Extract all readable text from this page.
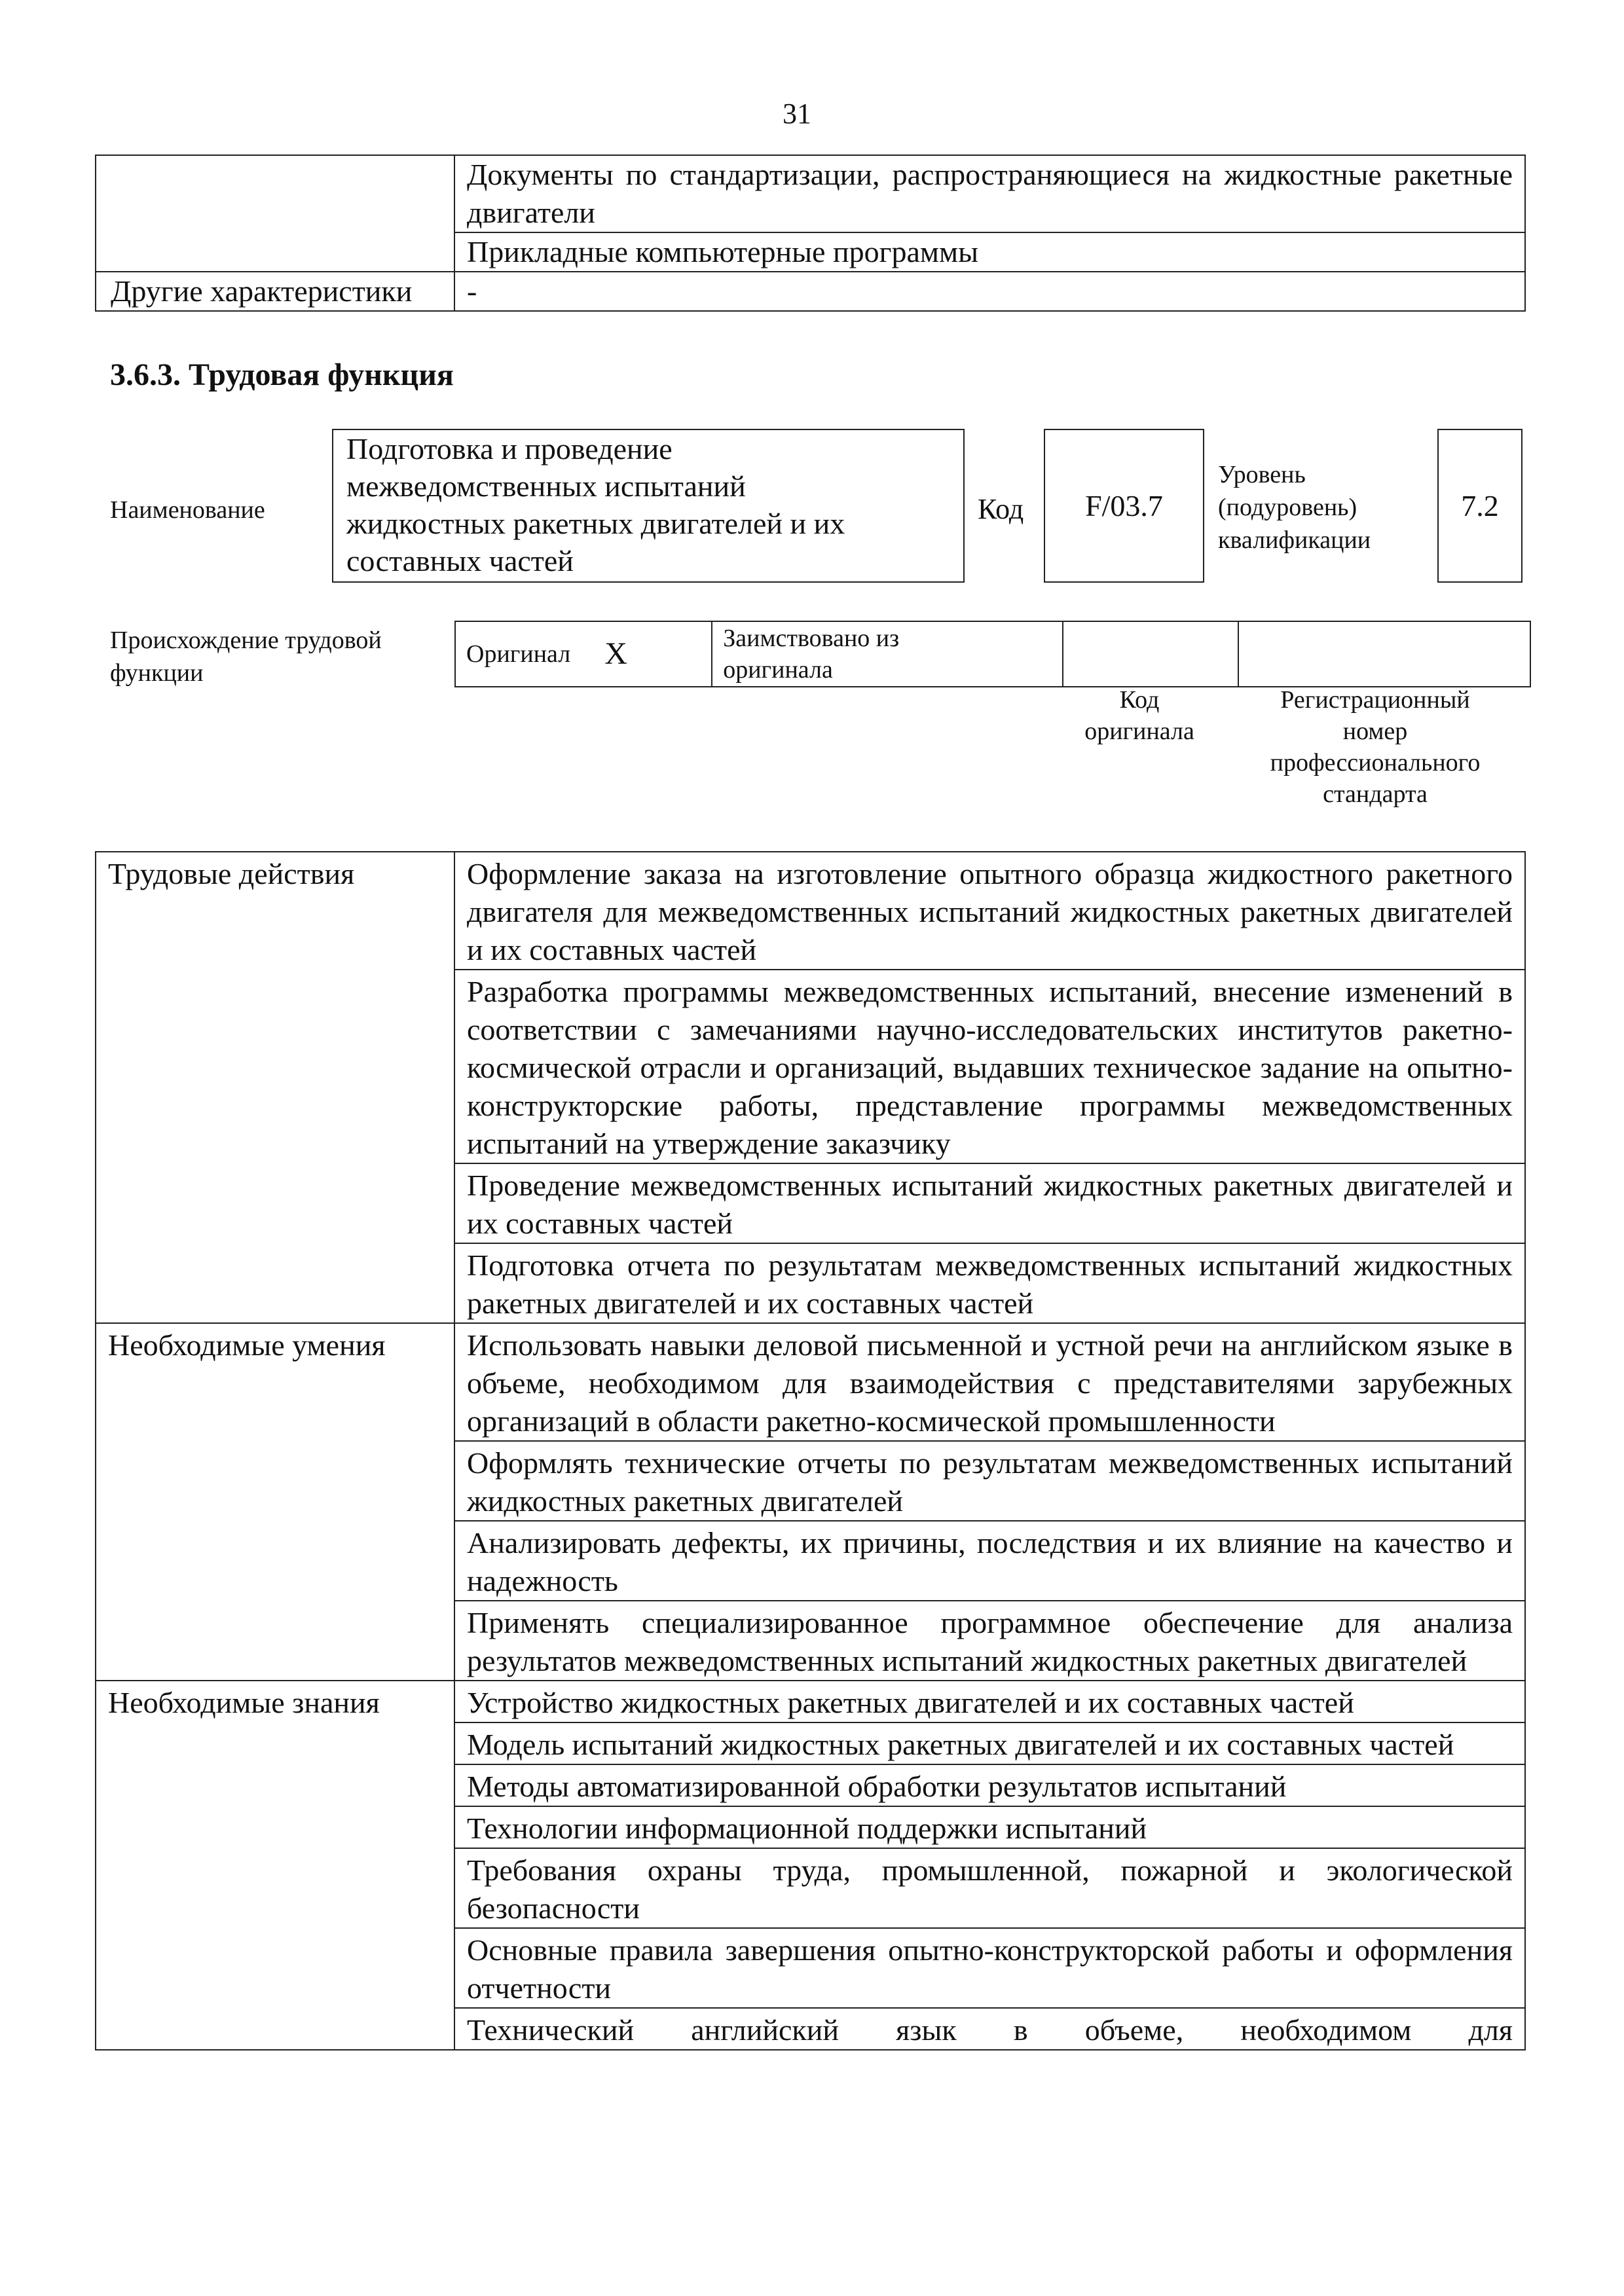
31
	Документы по стандартизации, распространяющиеся на жидкостные ракетные двигатели
	Прикладные компьютерные программы
Другие характеристики	-
3.6.3. Трудовая функция
Наименование
Подготовка и проведение
межведомственных испытаний
жидкостных ракетных двигателей и их
составных частей
Код	F/03.7
Уровень
(подуровень)
квалификации
7.2
Происхождение трудовой
функции
Оригинал	X	Заимствовано из
оригинала

Код
оригинала
Регистрационный
номер
профессионального
стандарта
Трудовые действия	Оформление заказа на изготовление опытного образца жидкостного ракетного двигателя для межведомственных испытаний жидкостных ракетных двигателей и их составных частей
	Разработка программы межведомственных испытаний, внесение изменений в соответствии с замечаниями научно-исследовательских институтов ракетно-космической отрасли и организаций, выдавших техническое задание на опытно-конструкторские работы, представление программы межведомственных испытаний на утверждение заказчику
	Проведение межведомственных испытаний жидкостных ракетных двигателей и их составных частей
	Подготовка отчета по результатам межведомственных испытаний жидкостных ракетных двигателей и их составных частей
Необходимые умения	Использовать навыки деловой письменной и устной речи на английском языке в объеме, необходимом для взаимодействия с представителями зарубежных организаций в области ракетно-космической промышленности
	Оформлять технические отчеты по результатам межведомственных испытаний жидкостных ракетных двигателей
	Анализировать дефекты, их причины, последствия и их влияние на качество и надежность
	Применять специализированное программное обеспечение для анализа результатов межведомственных испытаний жидкостных ракетных двигателей
Необходимые знания	Устройство жидкостных ракетных двигателей и их составных частей
	Модель испытаний жидкостных ракетных двигателей и их составных частей
	Методы автоматизированной обработки результатов испытаний
	Технологии информационной поддержки испытаний
	Требования охраны труда, промышленной, пожарной и экологической безопасности
	Основные правила завершения опытно-конструкторской работы и оформления отчетности
	Технический английский язык в объеме, необходимом для
